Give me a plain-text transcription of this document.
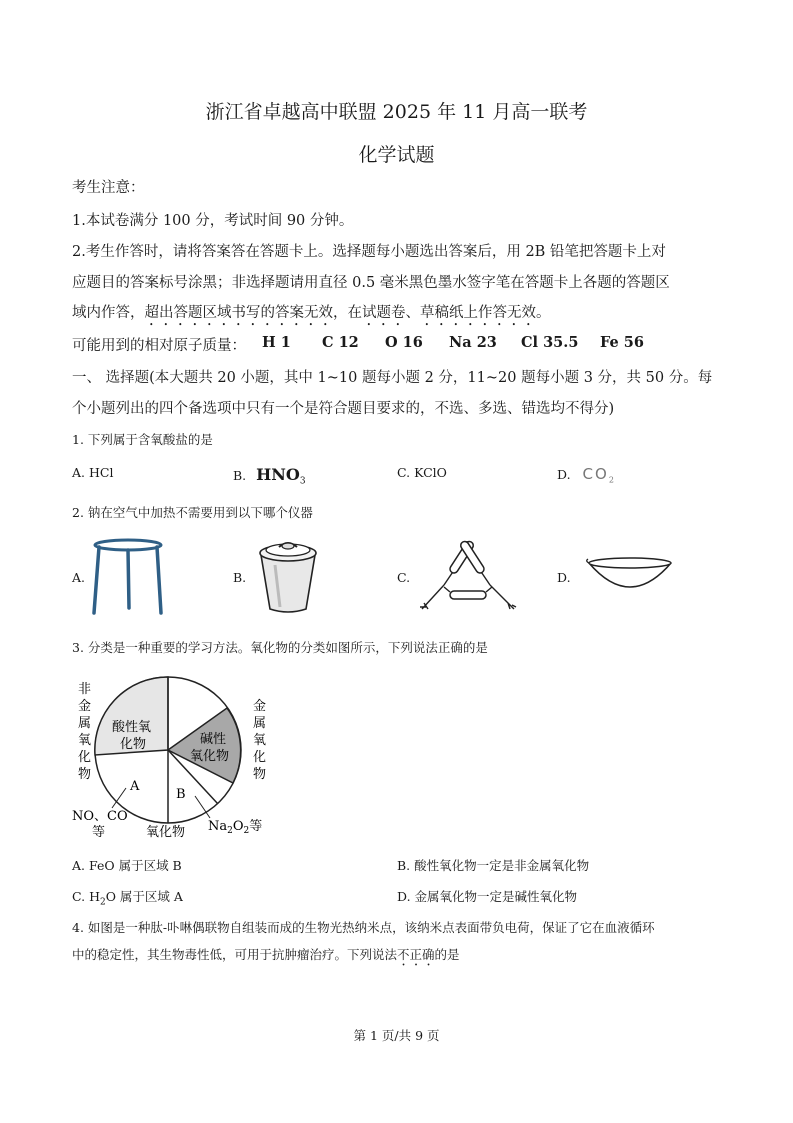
浙江省卓越高中联盟 2025 年 11 月高一联考
化学试题
考生注意：
1.本试卷满分 100 分，考试时间 90 分钟。
2.考生作答时，请将答案答在答题卡上。选择题每小题选出答案后，用 2B 铅笔把答题卡上对
应题目的答案标号涂黑；非选择题请用直径 0.5 毫米黑色墨水签字笔在答题卡上各题的答题区
域内作答，超出答题区域书写的答案无效，在试题卷、草稿纸上作答无效。
可能用到的相对原子质量： H 1 C 12 O 16 Na 23 Cl 35.5 Fe 56
一、 选择题(本大题共 20 小题，其中 1~10 题每小题 2 分，11~20 题每小题 3 分，共 50 分。每
个小题列出的四个备选项中只有一个是符合题目要求的，不选、多选、错选均不得分)
1. 下列属于含氧酸盐的是
A. HCl	B. $HNO_3$
C. KClO	D. $CO_2$
2. 钠在空气中加热不需要用到以下哪个仪器
A.	B.	C.	D.
3. 分类是一种重要的学习方法。氧化物的分类如图所示，下列说法正确的是
非
金
属
氧
化
物
金
属
氧
化
物
酸性氧
化物	碱性
氧化物
A
B
NO、CO
等	氧化物 $Na_2O_2$等
A. FeO 属于区域 B	B. 酸性氧化物一定是非金属氧化物
C. $H_2O$ 属于区域 A	D. 金属氧化物一定是碱性氧化物
4. 如图是一种肽-卟啉偶联物自组装而成的生物光热纳米点，该纳米点表面带负电荷，保证了它在血液循环
中的稳定性，其生物毒性低，可用于抗肿瘤治疗。下列说法不正确的是
第 1 页/共 9 页
